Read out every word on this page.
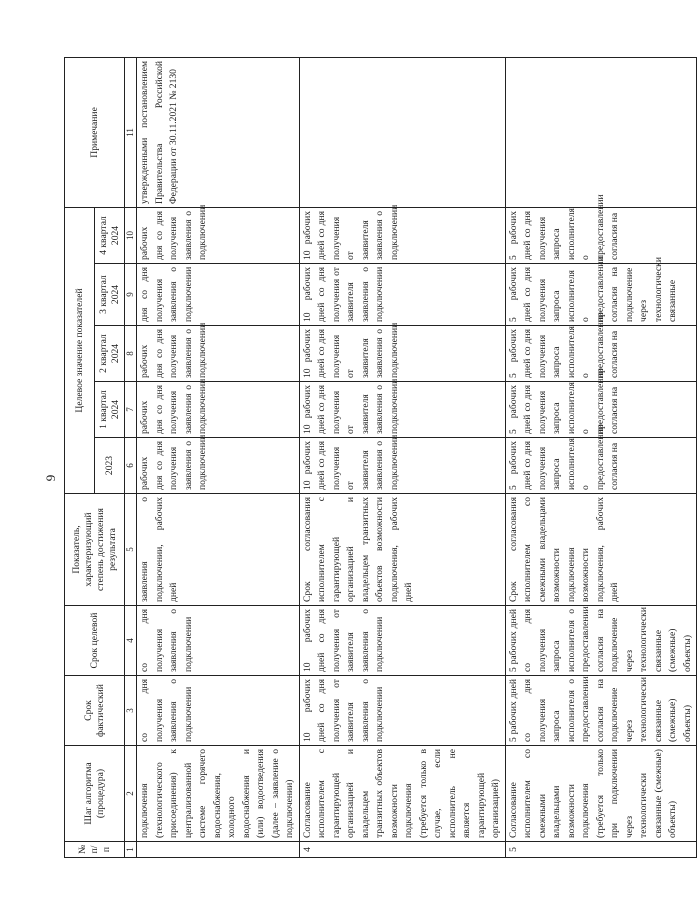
9
№ п/ п	Шаг алгоритма (процедура)	Срок фактический	Срок целевой	Показатель, характеризующий степень достижения результата	Целевое значение показателей					Примечание
					2023	1 квартал 2024	2 квартал 2024	3 квартал 2024	4 квартал 2024	
1	2	3	4	5	6	7	8	9	10	11
	подключения (технологического присоединения) к централизованной системе горячего водоснабжения, холодного водоснабжения и (или) водоотведения (далее – заявление о подключении)	со дня получения заявления о подключении	со дня получения заявления о подключении	заявления о подключении, рабочих дней	рабочих дня со дня получения заявления о подключении	рабочих дня со дня получения заявления о подключении	рабочих дня со дня получения заявления о подключении	дня со дня получения заявления о подключении	рабочих дня со дня получения заявления о подключении	утвержденными постановлением Правительства Российской Федерации от 30.11.2021 № 2130
4	Согласование исполнителем с гарантирующей организацией и владельцем транзитных объектов возможности подключения (требуется только в случае, если исполнитель не является гарантирующей организацией)	10 рабочих дней со дня получения от заявителя заявления о подключении	10 рабочих дней со дня получения от заявителя заявления о подключении	Срок согласования исполнителем с гарантирующей организацией и владельцем транзитных объектов возможности подключения, рабочих дней	10 рабочих дней со дня получения от заявителя заявления о подключении	10 рабочих дней со дня получения от заявителя заявления о подключении	10 рабочих дней со дня получения от заявителя заявления о подключении	10 рабочих дней со дня получения от заявителя заявления о подключении	10 рабочих дней со дня получения от заявителя заявления о подключении	
5	Согласование исполнителем со смежными владельцами возможности подключения (требуется только при подключении через технологически связанные (смежные) объекты)	5 рабочих дней со дня получения запроса исполнителя о предоставлении согласия на подключение через технологически связанные (смежные) объекты)	5 рабочих дней со дня получения запроса исполнителя о предоставлении согласия на подключение через технологически связанные (смежные) объекты)	Срок согласования исполнителем со смежными владельцами возможности подключения возможности подключения, рабочих дней	5 рабочих дней со дня получения запроса исполнителя о предоставлении согласия на	5 рабочих дней со дня получения запроса исполнителя о предоставлении согласия на	5 рабочих дней со дня получения запроса исполнителя о предоставлении согласия на	5 рабочих дней со дня получения запроса исполнителя о предоставлении согласия на подключение через технологически связанные	5 рабочих дней со дня получения запроса исполнителя о предоставлении согласия на	
